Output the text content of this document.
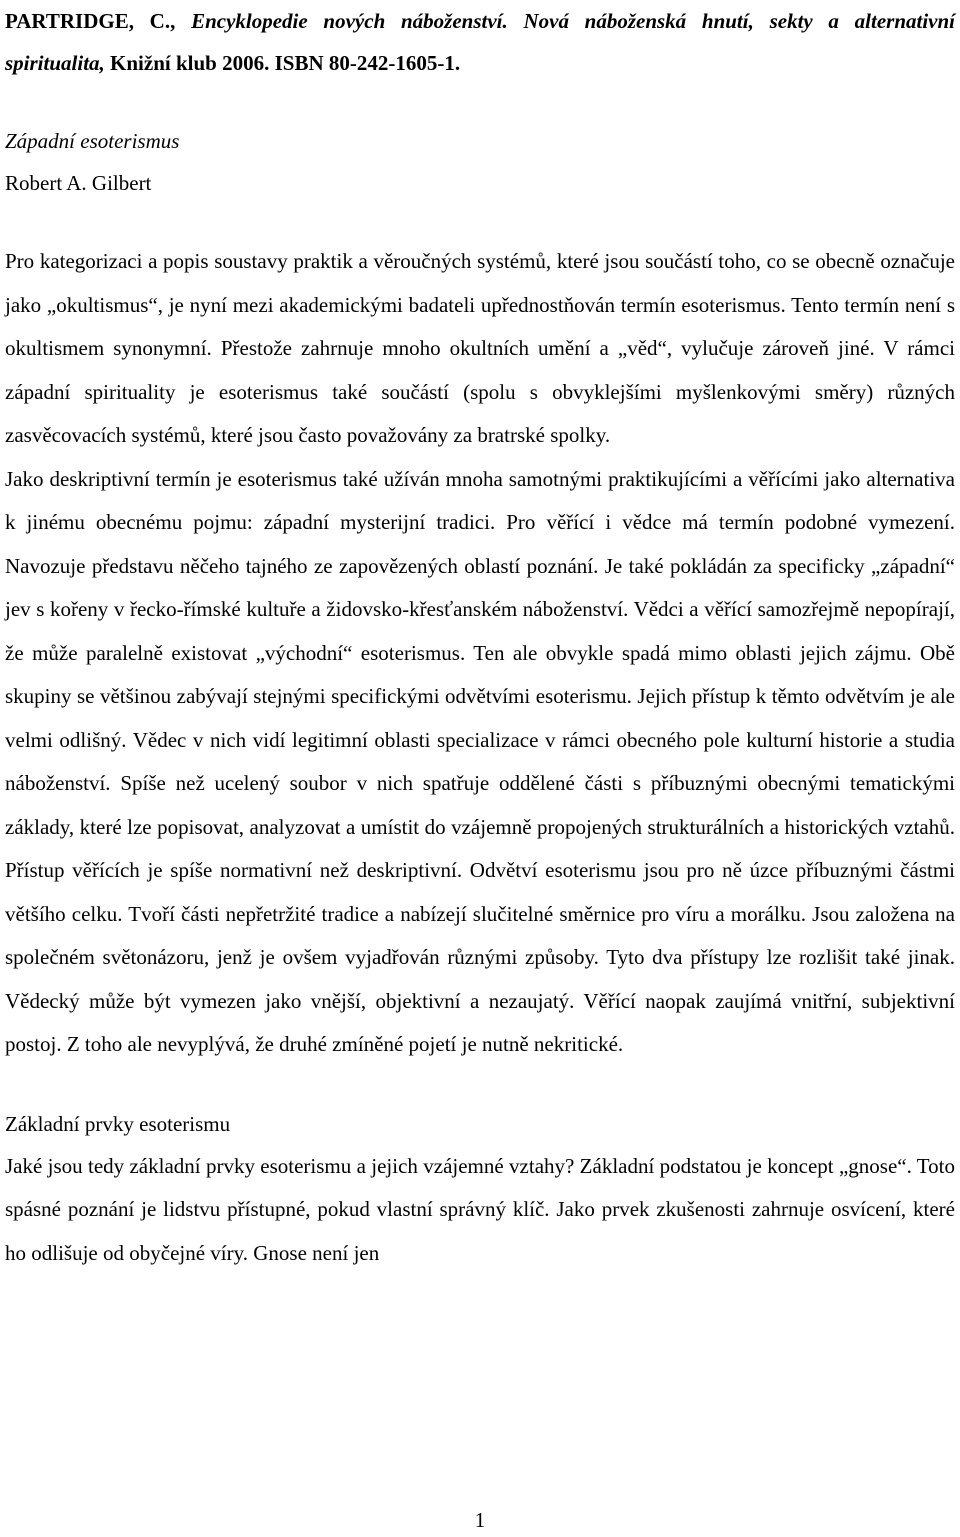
PARTRIDGE, C., Encyklopedie nových náboženství. Nová náboženská hnutí, sekty a alternativní spiritualita, Knižní klub 2006. ISBN 80-242-1605-1.

Západní esoterismus

Robert A. Gilbert

Pro kategorizaci a popis soustavy praktik a věroučných systémů, které jsou součástí toho, co se obecně označuje jako „okultismus“, je nyní mezi akademickými badateli upřednostňován termín esoterismus. Tento termín není s okultismem synonymní. Přestože zahrnuje mnoho okultních umění a „věd“, vylučuje zároveň jiné. V rámci západní spirituality je esoterismus také součástí (spolu s obvyklejšími myšlenkovými směry) různých zasvěcovacích systémů, které jsou často považovány za bratrské spolky.

Jako deskriptivní termín je esoterismus také užíván mnoha samotnými praktikujícími a věřícími jako alternativa k jinému obecnému pojmu: západní mysterijní tradici. Pro věřící i vědce má termín podobné vymezení. Navozuje představu něčeho tajného ze zapovězených oblastí poznání. Je také pokládán za specificky „západní“ jev s kořeny v řecko-římské kultuře a židovsko-křesťanském náboženství. Vědci a věřící samozřejmě nepopírají, že může paralelně existovat „východní“ esoterismus. Ten ale obvykle spadá mimo oblasti jejich zájmu. Obě skupiny se většinou zabývají stejnými specifickými odvětvími esoterismu. Jejich přístup k těmto odvětvím je ale velmi odlišný. Vědec v nich vidí legitimní oblasti specializace v rámci obecného pole kulturní historie a studia náboženství. Spíše než ucelený soubor v nich spatřuje oddělené části s příbuznými obecnými tematickými základy, které lze popisovat, analyzovat a umístit do vzájemně propojených strukturálních a historických vztahů. Přístup věřících je spíše normativní než deskriptivní. Odvětví esoterismu jsou pro ně úzce příbuznými částmi většího celku. Tvoří části nepřetržité tradice a nabízejí slučitelné směrnice pro víru a morálku. Jsou založena na společném světonázoru, jenž je ovšem vyjadřován různými způsoby. Tyto dva přístupy lze rozlišit také jinak. Vědecký může být vymezen jako vnější, objektivní a nezaujatý. Věřící naopak zaujímá vnitřní, subjektivní postoj. Z toho ale nevyplývá, že druhé zmíněné pojetí je nutně nekritické.

Základní prvky esoterismu

Jaké jsou tedy základní prvky esoterismu a jejich vzájemné vztahy? Základní podstatou je koncept „gnose“. Toto spásné poznání je lidstvu přístupné, pokud vlastní správný klíč. Jako prvek zkušenosti zahrnuje osvícení, které ho odlišuje od obyčejné víry. Gnose není jen

1
